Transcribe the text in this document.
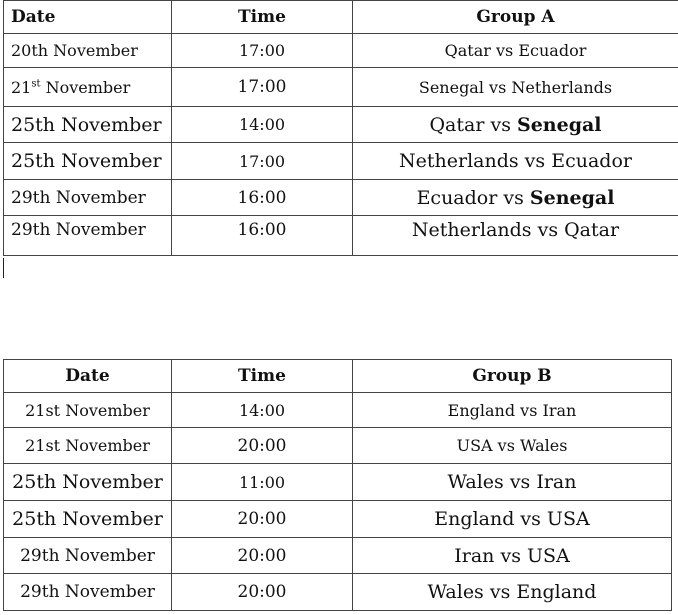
Date	Time	Group A
20th November	17:00	Qatar vs Ecuador
21st November	17:00	Senegal vs Netherlands
25th November	14:00	Qatar vs Senegal
25th November	17:00	Netherlands vs Ecuador
29th November	16:00	Ecuador vs Senegal
29th November	16:00	Netherlands vs Qatar
Date	Time	Group B
21st November	14:00	England vs Iran
21st November	20:00	USA vs Wales
25th November	11:00	Wales vs Iran
25th November	20:00	England vs USA
29th November	20:00	Iran vs USA
29th November	20:00	Wales vs England
